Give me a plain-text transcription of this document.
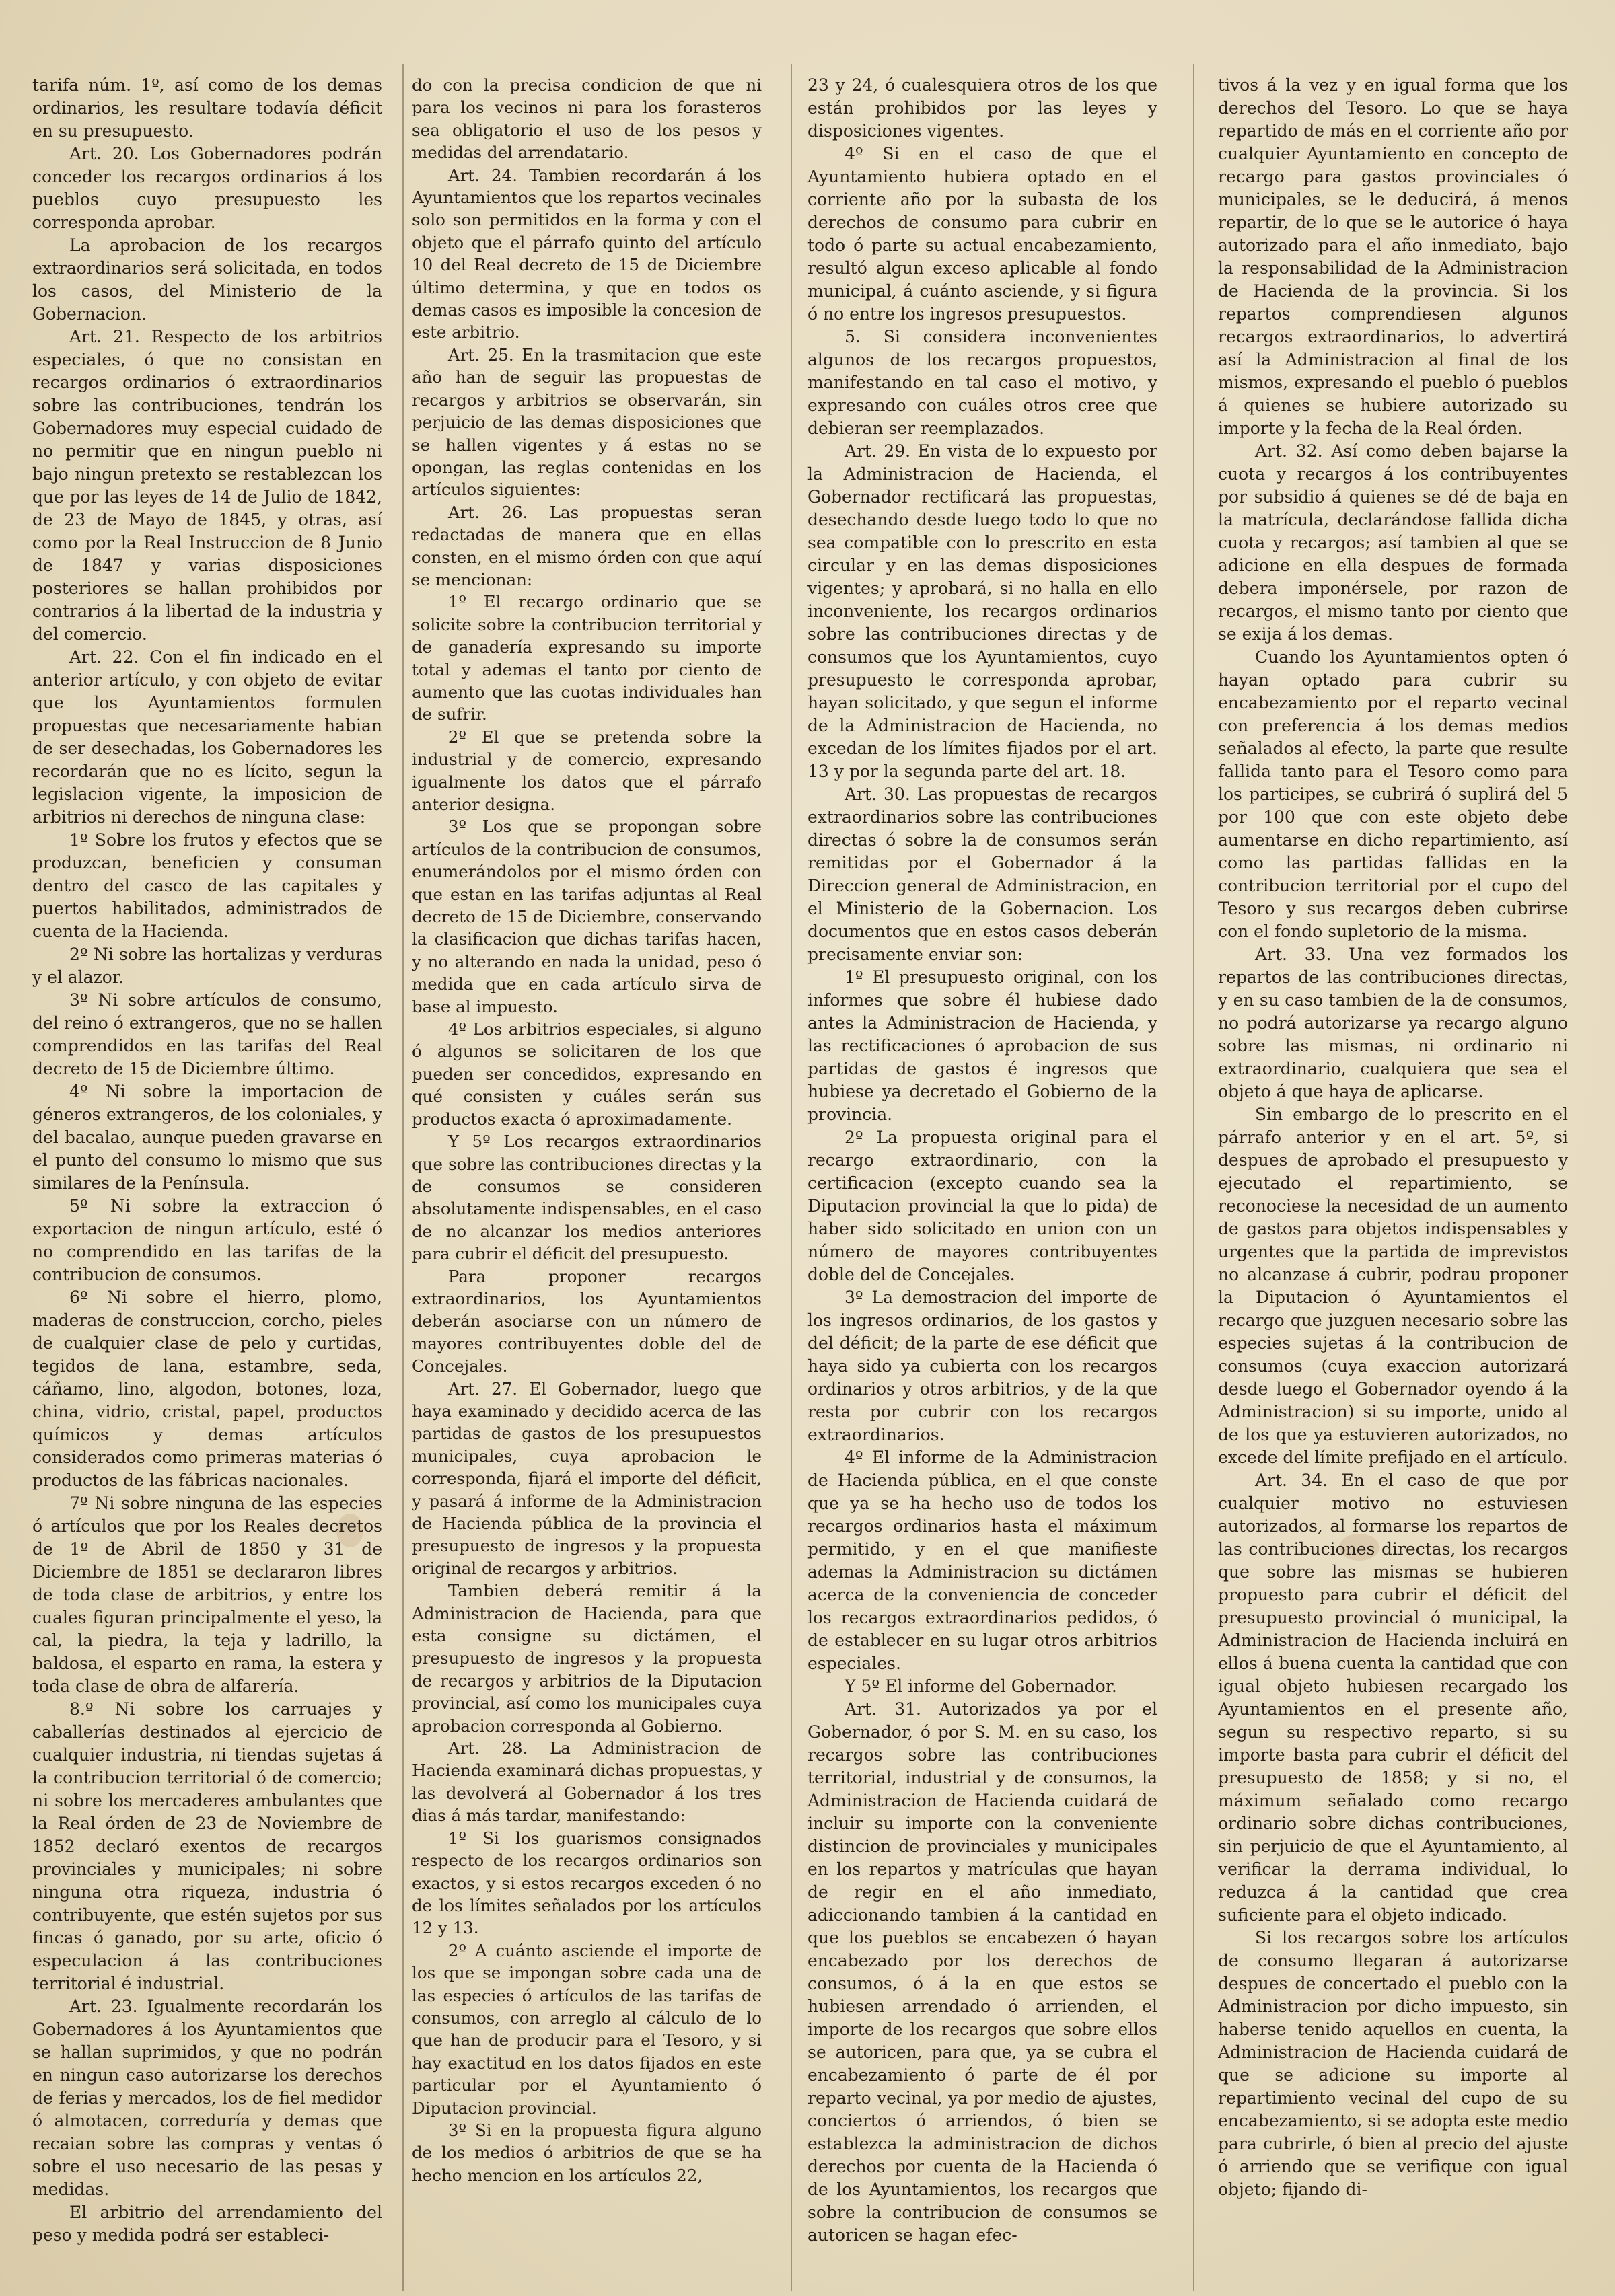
tarifa núm. 1º, así como de los demas ordinarios, les resultare todavía déficit en su presupuesto.

Art. 20. Los Gobernadores podrán conceder los recargos ordinarios á los pueblos cuyo presupuesto les corresponda aprobar.

La aprobacion de los recargos extraordinarios será solicitada, en todos los casos, del Ministerio de la Gobernacion.

Art. 21. Respecto de los arbitrios especiales, ó que no consistan en recargos ordinarios ó extraordinarios sobre las contribuciones, tendrán los Gobernadores muy especial cuidado de no permitir que en ningun pueblo ni bajo ningun pretexto se restablezcan los que por las leyes de 14 de Julio de 1842, de 23 de Mayo de 1845, y otras, así como por la Real Instruccion de 8 Junio de 1847 y varias disposiciones posteriores se hallan prohibidos por contrarios á la libertad de la industria y del comercio.

Art. 22. Con el fin indicado en el anterior artículo, y con objeto de evitar que los Ayuntamientos formulen propuestas que necesariamente habian de ser desechadas, los Gobernadores les recordarán que no es lícito, segun la legislacion vigente, la imposicion de arbitrios ni derechos de ninguna clase:

1º Sobre los frutos y efectos que se produzcan, beneficien y consuman dentro del casco de las capitales y puertos habilitados, administrados de cuenta de la Hacienda.

2º Ni sobre las hortalizas y verduras y el alazor.

3º Ni sobre artículos de consumo, del reino ó extrangeros, que no se hallen comprendidos en las tarifas del Real decreto de 15 de Diciembre último.

4º Ni sobre la importacion de géneros extrangeros, de los coloniales, y del bacalao, aunque pueden gravarse en el punto del consumo lo mismo que sus similares de la Península.

5º Ni sobre la extraccion ó exportacion de ningun artículo, esté ó no comprendido en las tarifas de la contribucion de consumos.

6º Ni sobre el hierro, plomo, maderas de construccion, corcho, pieles de cualquier clase de pelo y curtidas, tegidos de lana, estambre, seda, cáñamo, lino, algodon, botones, loza, china, vidrio, cristal, papel, productos químicos y demas artículos considerados como primeras materias ó productos de las fábricas nacionales.

7º Ni sobre ninguna de las especies ó artículos que por los Reales decretos de 1º de Abril de 1850 y 31 de Diciembre de 1851 se declararon libres de toda clase de arbitrios, y entre los cuales figuran principalmente el yeso, la cal, la piedra, la teja y ladrillo, la baldosa, el esparto en rama, la estera y toda clase de obra de alfarería.

8.º Ni sobre los carruajes y caballerías destinados al ejercicio de cualquier industria, ni tiendas sujetas á la contribucion territorial ó de comercio; ni sobre los mercaderes ambulantes que la Real órden de 23 de Noviembre de 1852 declaró exentos de recargos provinciales y municipales; ni sobre ninguna otra riqueza, industria ó contribuyente, que estén sujetos por sus fincas ó ganado, por su arte, oficio ó especulacion á las contribuciones territorial é industrial.

Art. 23. Igualmente recordarán los Gobernadores á los Ayuntamientos que se hallan suprimidos, y que no podrán en ningun caso autorizarse los derechos de ferias y mercados, los de fiel medidor ó almotacen, correduría y demas que recaian sobre las compras y ventas ó sobre el uso necesario de las pesas y medidas.

El arbitrio del arrendamiento del peso y medida podrá ser estableci-

do con la precisa condicion de que ni para los vecinos ni para los forasteros sea obligatorio el uso de los pesos y medidas del arrendatario.

Art. 24. Tambien recordarán á los Ayuntamientos que los repartos vecinales solo son permitidos en la forma y con el objeto que el párrafo quinto del artículo 10 del Real decreto de 15 de Diciembre último determina, y que en todos os demas casos es imposible la concesion de este arbitrio.

Art. 25. En la trasmitacion que este año han de seguir las propuestas de recargos y arbitrios se observarán, sin perjuicio de las demas disposiciones que se hallen vigentes y á estas no se opongan, las reglas contenidas en los artículos siguientes:

Art. 26. Las propuestas seran redactadas de manera que en ellas consten, en el mismo órden con que aquí se mencionan:

1º El recargo ordinario que se solicite sobre la contribucion territorial y de ganadería expresando su importe total y ademas el tanto por ciento de aumento que las cuotas individuales han de sufrir.

2º El que se pretenda sobre la industrial y de comercio, expresando igualmente los datos que el párrafo anterior designa.

3º Los que se propongan sobre artículos de la contribucion de consumos, enumerándolos por el mismo órden con que estan en las tarifas adjuntas al Real decreto de 15 de Diciembre, conservando la clasificacion que dichas tarifas hacen, y no alterando en nada la unidad, peso ó medida que en cada artículo sirva de base al impuesto.

4º Los arbitrios especiales, si alguno ó algunos se solicitaren de los que pueden ser concedidos, expresando en qué consisten y cuáles serán sus productos exacta ó aproximadamente.

Y 5º Los recargos extraordinarios que sobre las contribuciones directas y la de consumos se consideren absolutamente indispensables, en el caso de no alcanzar los medios anteriores para cubrir el déficit del presupuesto.

Para proponer recargos extraordinarios, los Ayuntamientos deberán asociarse con un número de mayores contribuyentes doble del de Concejales.

Art. 27. El Gobernador, luego que haya examinado y decidido acerca de las partidas de gastos de los presupuestos municipales, cuya aprobacion le corresponda, fijará el importe del déficit, y pasará á informe de la Administracion de Hacienda pública de la provincia el presupuesto de ingresos y la propuesta original de recargos y arbitrios.

Tambien deberá remitir á la Administracion de Hacienda, para que esta consigne su dictámen, el presupuesto de ingresos y la propuesta de recargos y arbitrios de la Diputacion provincial, así como los municipales cuya aprobacion corresponda al Gobierno.

Art. 28. La Administracion de Hacienda examinará dichas propuestas, y las devolverá al Gobernador á los tres dias á más tardar, manifestando:

1º Si los guarismos consignados respecto de los recargos ordinarios son exactos, y si estos recargos exceden ó no de los límites señalados por los artículos 12 y 13.

2º A cuánto asciende el importe de los que se impongan sobre cada una de las especies ó artículos de las tarifas de consumos, con arreglo al cálculo de lo que han de producir para el Tesoro, y si hay exactitud en los datos fijados en este particular por el Ayuntamiento ó Diputacion provincial.

3º Si en la propuesta figura alguno de los medios ó arbitrios de que se ha hecho mencion en los artículos 22,

23 y 24, ó cualesquiera otros de los que están prohibidos por las leyes y disposiciones vigentes.

4º Si en el caso de que el Ayuntamiento hubiera optado en el corriente año por la subasta de los derechos de consumo para cubrir en todo ó parte su actual encabezamiento, resultó algun exceso aplicable al fondo municipal, á cuánto asciende, y si figura ó no entre los ingresos presupuestos.

5. Si considera inconvenientes algunos de los recargos propuestos, manifestando en tal caso el motivo, y expresando con cuáles otros cree que debieran ser reemplazados.

Art. 29. En vista de lo expuesto por la Administracion de Hacienda, el Gobernador rectificará las propuestas, desechando desde luego todo lo que no sea compatible con lo prescrito en esta circular y en las demas disposiciones vigentes; y aprobará, si no halla en ello inconveniente, los recargos ordinarios sobre las contribuciones directas y de consumos que los Ayuntamientos, cuyo presupuesto le corresponda aprobar, hayan solicitado, y que segun el informe de la Administracion de Hacienda, no excedan de los límites fijados por el art. 13 y por la segunda parte del art. 18.

Art. 30. Las propuestas de recargos extraordinarios sobre las contribuciones directas ó sobre la de consumos serán remitidas por el Gobernador á la Direccion general de Administracion, en el Ministerio de la Gobernacion. Los documentos que en estos casos deberán precisamente enviar son:

1º El presupuesto original, con los informes que sobre él hubiese dado antes la Administracion de Hacienda, y las rectificaciones ó aprobacion de sus partidas de gastos é ingresos que hubiese ya decretado el Gobierno de la provincia.

2º La propuesta original para el recargo extraordinario, con la certificacion (excepto cuando sea la Diputacion provincial la que lo pida) de haber sido solicitado en union con un número de mayores contribuyentes doble del de Concejales.

3º La demostracion del importe de los ingresos ordinarios, de los gastos y del déficit; de la parte de ese déficit que haya sido ya cubierta con los recargos ordinarios y otros arbitrios, y de la que resta por cubrir con los recargos extraordinarios.

4º El informe de la Administracion de Hacienda pública, en el que conste que ya se ha hecho uso de todos los recargos ordinarios hasta el máximum permitido, y en el que manifieste ademas la Administracion su dictámen acerca de la conveniencia de conceder los recargos extraordinarios pedidos, ó de establecer en su lugar otros arbitrios especiales.

Y 5º El informe del Gobernador.

Art. 31. Autorizados ya por el Gobernador, ó por S. M. en su caso, los recargos sobre las contribuciones territorial, industrial y de consumos, la Administracion de Hacienda cuidará de incluir su importe con la conveniente distincion de provinciales y municipales en los repartos y matrículas que hayan de regir en el año inmediato, adiccionando tambien á la cantidad en que los pueblos se encabezen ó hayan encabezado por los derechos de consumos, ó á la en que estos se hubiesen arrendado ó arrienden, el importe de los recargos que sobre ellos se autoricen, para que, ya se cubra el encabezamiento ó parte de él por reparto vecinal, ya por medio de ajustes, conciertos ó arriendos, ó bien se establezca la administracion de dichos derechos por cuenta de la Hacienda ó de los Ayuntamientos, los recargos que sobre la contribucion de consumos se autoricen se hagan efec-

tivos á la vez y en igual forma que los derechos del Tesoro. Lo que se haya repartido de más en el corriente año por cualquier Ayuntamiento en concepto de recargo para gastos provinciales ó municipales, se le deducirá, á menos repartir, de lo que se le autorice ó haya autorizado para el año inmediato, bajo la responsabilidad de la Administracion de Hacienda de la provincia. Si los repartos comprendiesen algunos recargos extraordinarios, lo advertirá así la Administracion al final de los mismos, expresando el pueblo ó pueblos á quienes se hubiere autorizado su importe y la fecha de la Real órden.

Art. 32. Así como deben bajarse la cuota y recargos á los contribuyentes por subsidio á quienes se dé de baja en la matrícula, declarándose fallida dicha cuota y recargos; así tambien al que se adicione en ella despues de formada debera imponérsele, por razon de recargos, el mismo tanto por ciento que se exija á los demas.

Cuando los Ayuntamientos opten ó hayan optado para cubrir su encabezamiento por el reparto vecinal con preferencia á los demas medios señalados al efecto, la parte que resulte fallida tanto para el Tesoro como para los participes, se cubrirá ó suplirá del 5 por 100 que con este objeto debe aumentarse en dicho repartimiento, así como las partidas fallidas en la contribucion territorial por el cupo del Tesoro y sus recargos deben cubrirse con el fondo supletorio de la misma.

Art. 33. Una vez formados los repartos de las contribuciones directas, y en su caso tambien de la de consumos, no podrá autorizarse ya recargo alguno sobre las mismas, ni ordinario ni extraordinario, cualquiera que sea el objeto á que haya de aplicarse.

Sin embargo de lo prescrito en el párrafo anterior y en el art. 5º, si despues de aprobado el presupuesto y ejecutado el repartimiento, se reconociese la necesidad de un aumento de gastos para objetos indispensables y urgentes que la partida de imprevistos no alcanzase á cubrir, podrau proponer la Diputacion ó Ayuntamientos el recargo que juzguen necesario sobre las especies sujetas á la contribucion de consumos (cuya exaccion autorizará desde luego el Gobernador oyendo á la Administracion) si su importe, unido al de los que ya estuvieren autorizados, no excede del límite prefijado en el artículo.

Art. 34. En el caso de que por cualquier motivo no estuviesen autorizados, al formarse los repartos de las contribuciones directas, los recargos que sobre las mismas se hubieren propuesto para cubrir el déficit del presupuesto provincial ó municipal, la Administracion de Hacienda incluirá en ellos á buena cuenta la cantidad que con igual objeto hubiesen recargado los Ayuntamientos en el presente año, segun su respectivo reparto, si su importe basta para cubrir el déficit del presupuesto de 1858; y si no, el máximum señalado como recargo ordinario sobre dichas contribuciones, sin perjuicio de que el Ayuntamiento, al verificar la derrama individual, lo reduzca á la cantidad que crea suficiente para el objeto indicado.

Si los recargos sobre los artículos de consumo llegaran á autorizarse despues de concertado el pueblo con la Administracion por dicho impuesto, sin haberse tenido aquellos en cuenta, la Administracion de Hacienda cuidará de que se adicione su importe al repartimiento vecinal del cupo de su encabezamiento, si se adopta este medio para cubrirle, ó bien al precio del ajuste ó arriendo que se verifique con igual objeto; fijando di-
